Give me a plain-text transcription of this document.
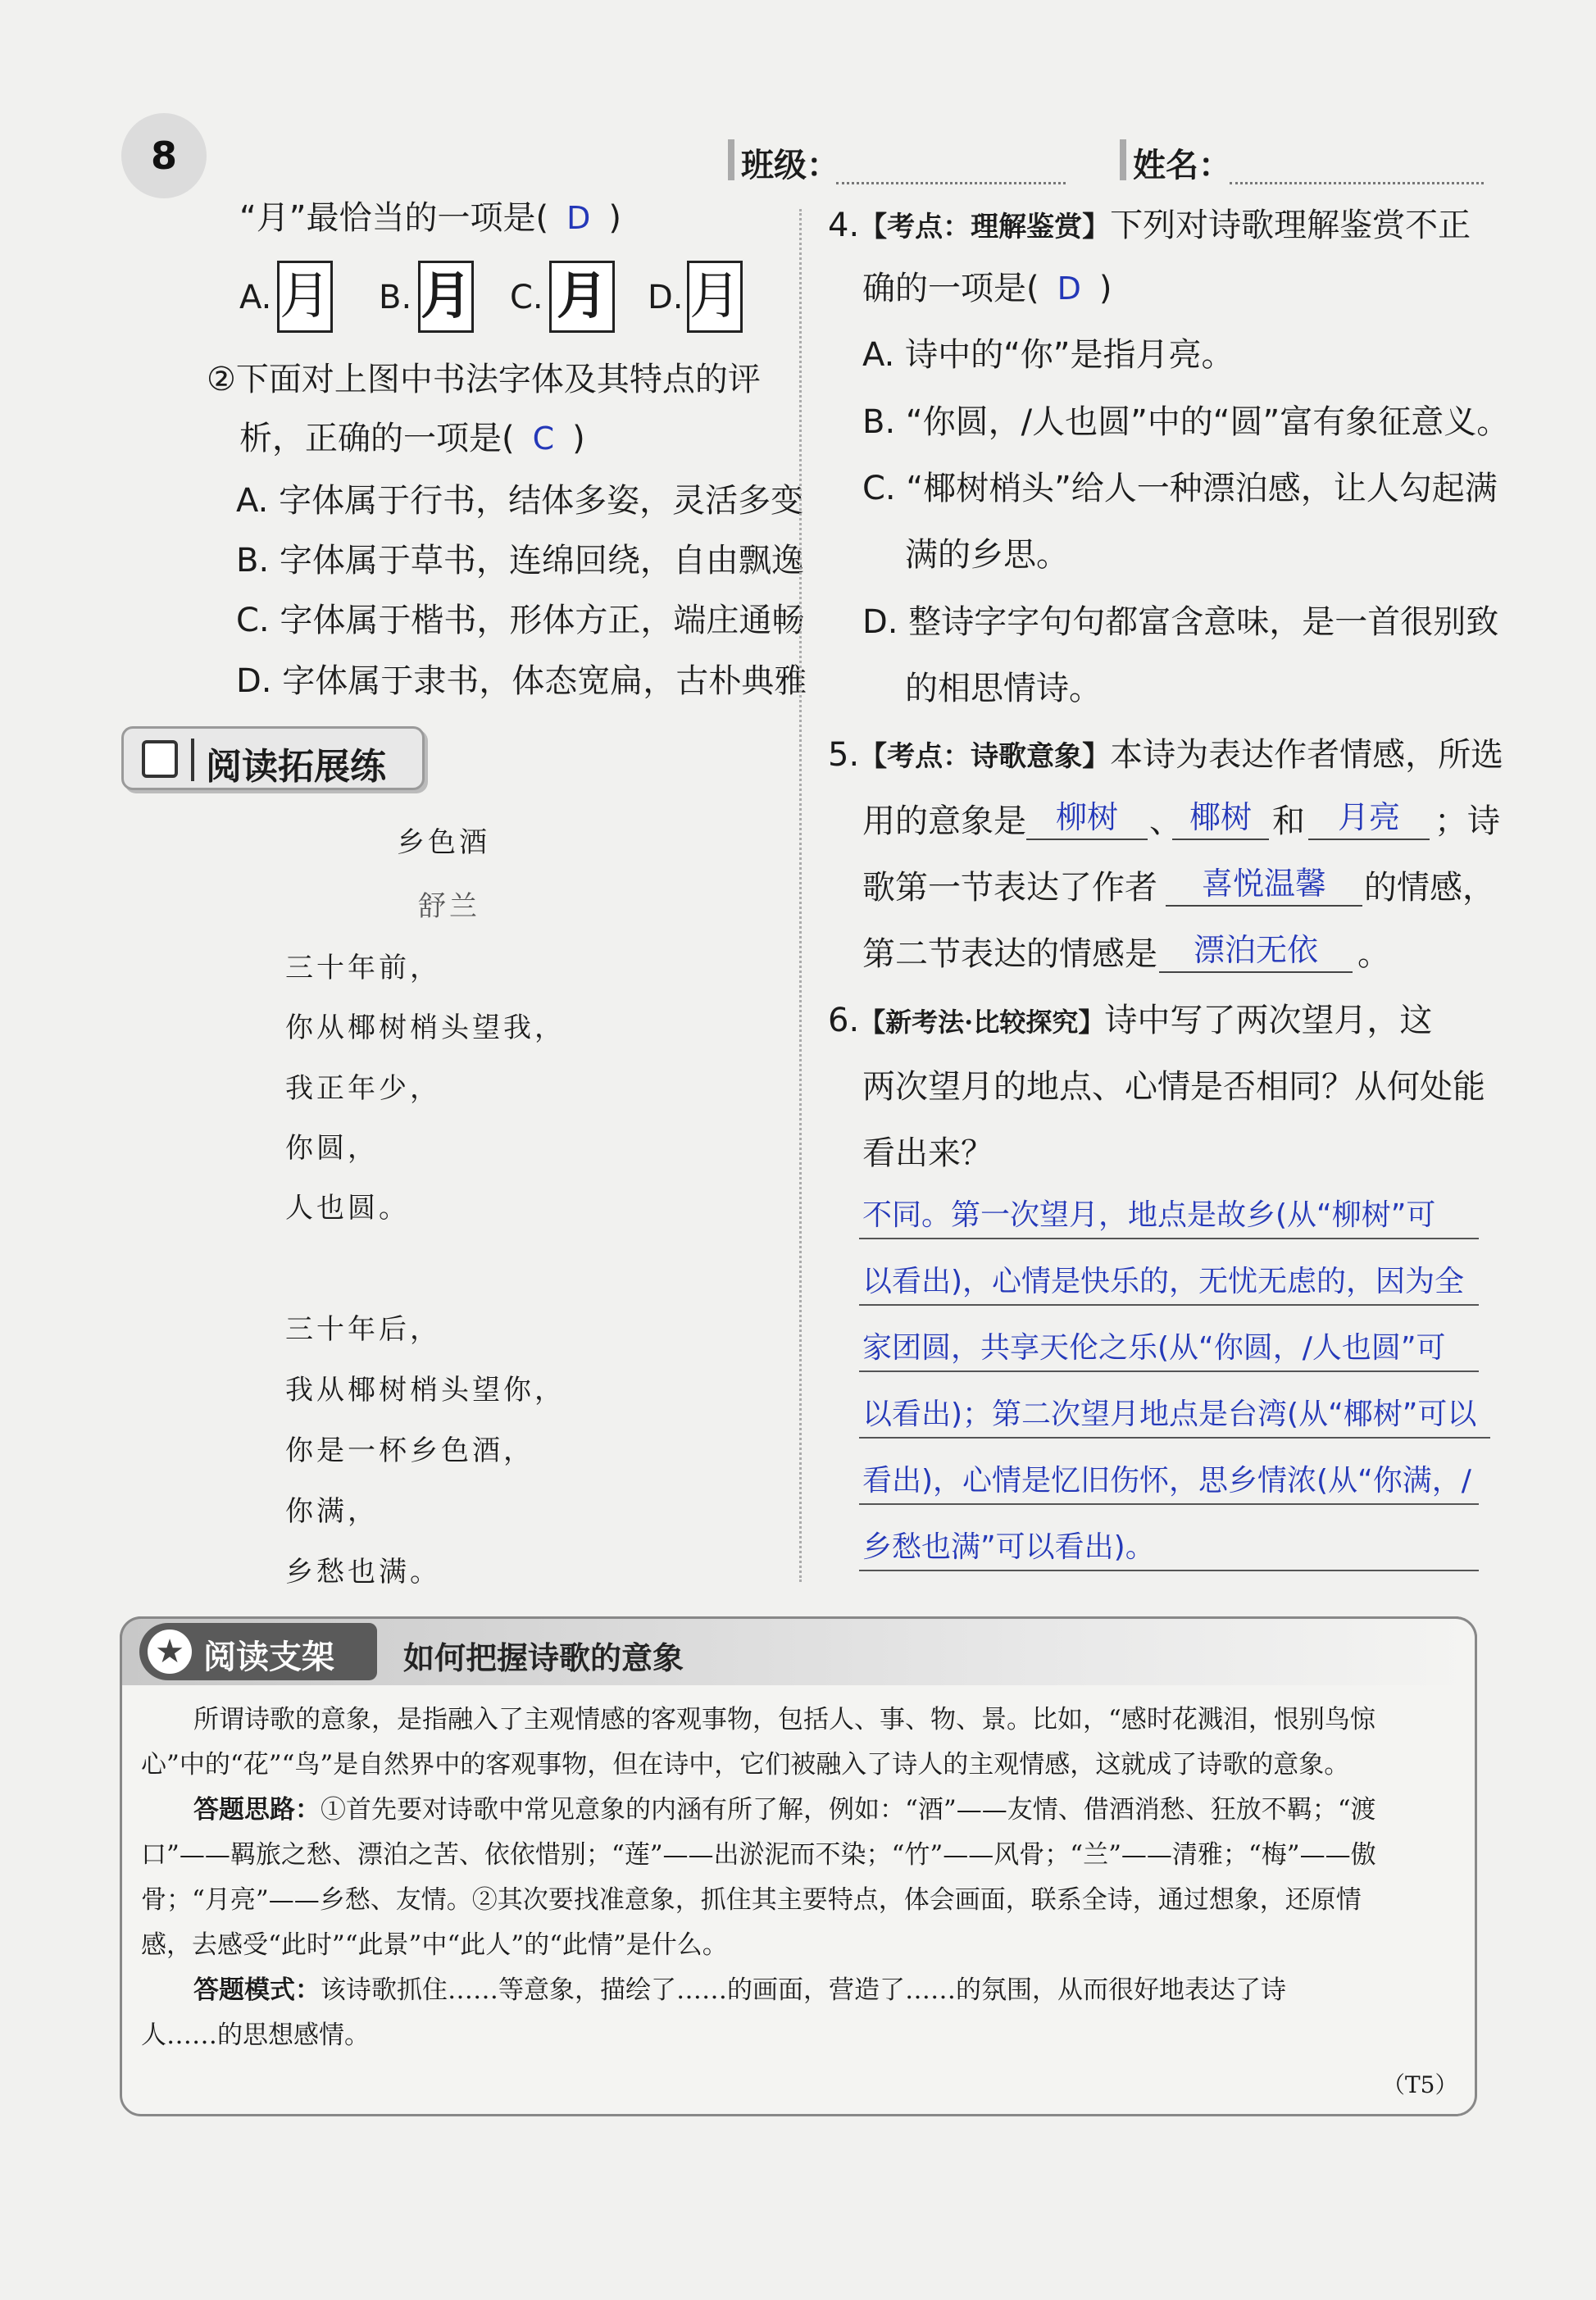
8	班级：	姓名：
“月”最恰当的一项是( D )
A. 月 B. 月 C. 月 D. 月
②下面对上图中书法字体及其特点的评
析，正确的一项是( C )
A. 字体属于行书，结体多姿，灵活多变
B. 字体属于草书，连绵回绕，自由飘逸
C. 字体属于楷书，形体方正，端庄通畅
D. 字体属于隶书，体态宽扁，古朴典雅
阅读拓展练
乡色酒
舒兰
三十年前，
你从椰树梢头望我，
我正年少，
你圆，
人也圆。
三十年后，
我从椰树梢头望你，
你是一杯乡色酒，
你满，
乡愁也满。
4.【考点：理解鉴赏】下列对诗歌理解鉴赏不正
确的一项是( D )
A. 诗中的“你”是指月亮。
B. “你圆，/人也圆”中的“圆”富有象征意义。
C. “椰树梢头”给人一种漂泊感，让人勾起满
满的乡思。
D. 整诗字字句句都富含意味，是一首很别致
的相思情诗。
5.【考点：诗歌意象】本诗为表达作者情感，所选
用的意象是 柳树 、 椰树 和	月亮	；诗
歌第一节表达了作者	喜悦温馨	的情感，
第二节表达的情感是	漂泊无依	。
6.【新考法·比较探究】诗中写了两次望月，这
两次望月的地点、心情是否相同？从何处能
看出来？
不同。第一次望月，地点是故乡(从“柳树”可
以看出)，心情是快乐的，无忧无虑的，因为全
家团圆，共享天伦之乐(从“你圆，/人也圆”可
以看出)；第二次望月地点是台湾(从“椰树”可以
看出)，心情是忆旧伤怀，思乡情浓(从“你满，/
乡愁也满”可以看出)。
★ 阅读支架 如何把握诗歌的意象
所谓诗歌的意象，是指融入了主观情感的客观事物，包括人、事、物、景。比如，“感时花溅泪，恨别鸟惊
心”中的“花”“鸟”是自然界中的客观事物，但在诗中，它们被融入了诗人的主观情感，这就成了诗歌的意象。
答题思路：①首先要对诗歌中常见意象的内涵有所了解，例如：“酒”——友情、借酒消愁、狂放不羁；“渡
口”——羁旅之愁、漂泊之苦、依依惜别；“莲”——出淤泥而不染；“竹”——风骨；“兰”——清雅；“梅”——傲
骨；“月亮”——乡愁、友情。②其次要找准意象，抓住其主要特点，体会画面，联系全诗，通过想象，还原情
感，去感受“此时”“此景”中“此人”的“此情”是什么。
答题模式：该诗歌抓住……等意象，描绘了……的画面，营造了……的氛围，从而很好地表达了诗
人……的思想感情。
（T5）
